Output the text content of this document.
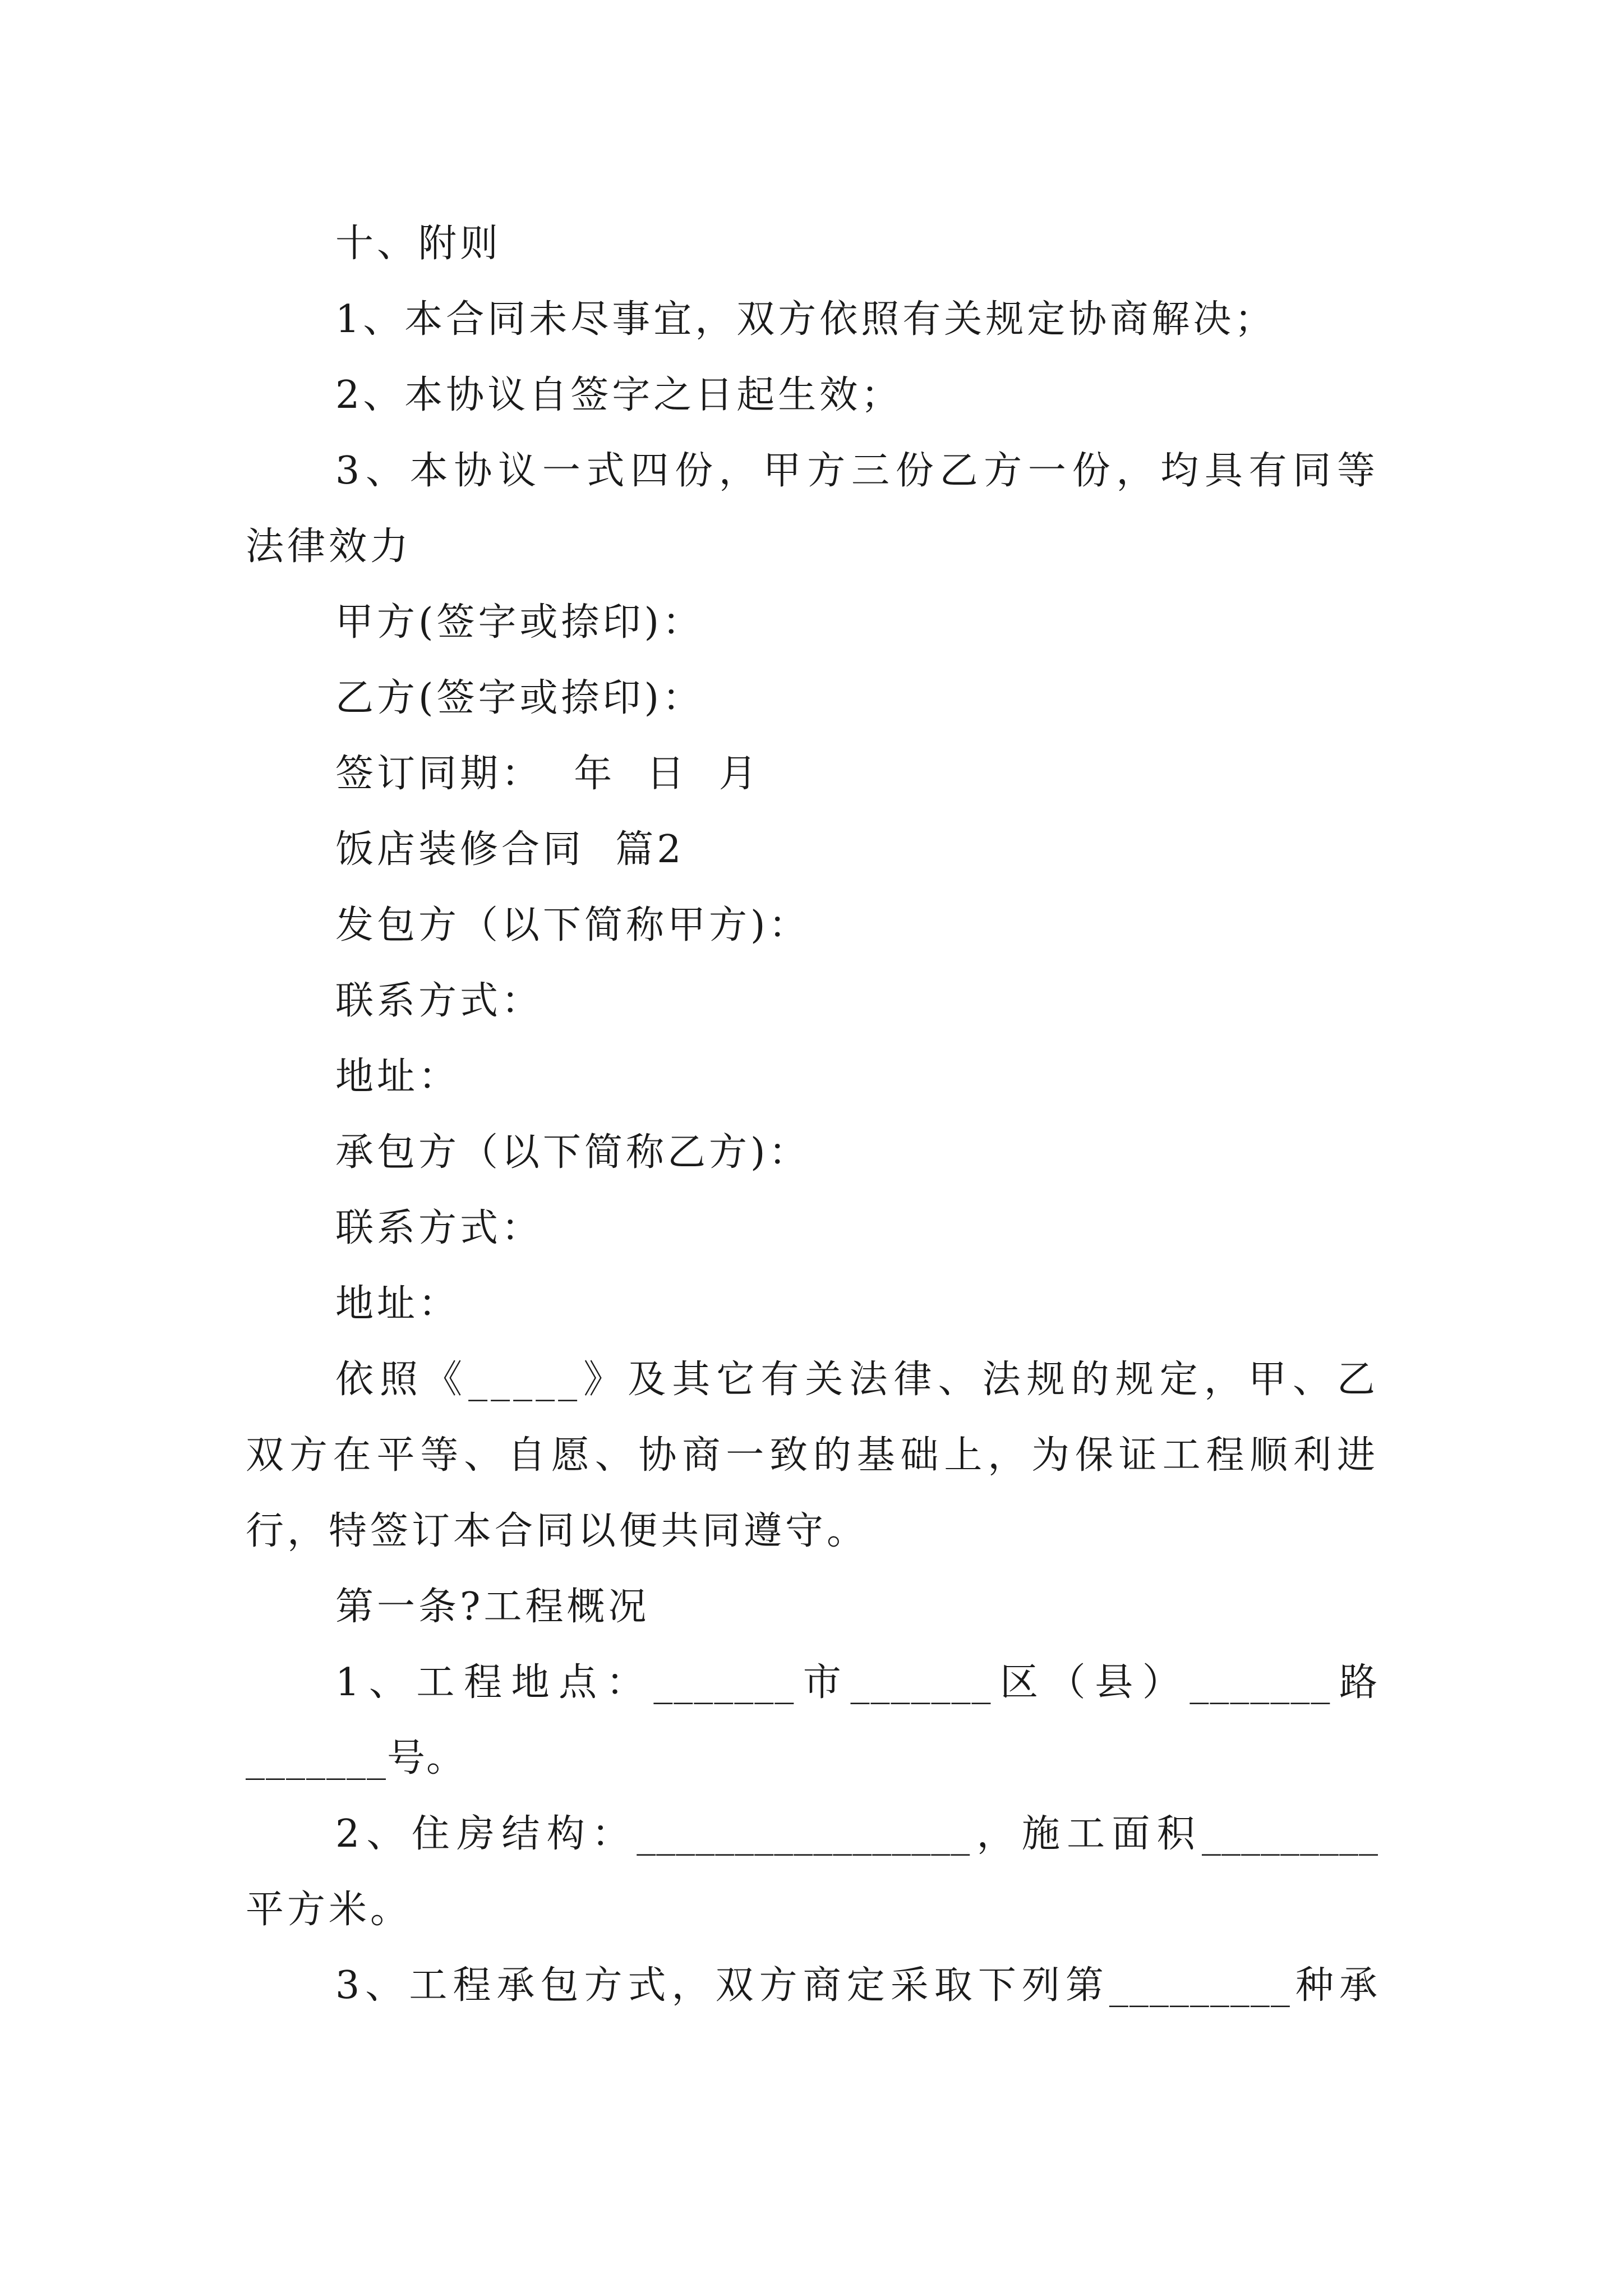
十、附则
1、本合同未尽事宜，双方依照有关规定协商解决；
2、本协议自签字之日起生效；
3、本协议一式四份，甲方三份乙方一份，均具有同等
法律效力
甲方(签字或捺印)：
乙方(签字或捺印)：
签订同期：  年  日  月
饭店装修合同  篇2
发包方（以下简称甲方)：
联系方式：
地址：
承包方（以下简称乙方)：
联系方式：
地址：
依照《_____》及其它有关法律、法规的规定，甲、乙
双方在平等、自愿、协商一致的基础上，为保证工程顺利进
行，特签订本合同以便共同遵守。
第一条?工程概况
1、工程地点：_______市_______区（县）_______路
_______号。
2、住房结构：_________________，施工面积_________
平方米。
3、工程承包方式，双方商定采取下列第_________种承
